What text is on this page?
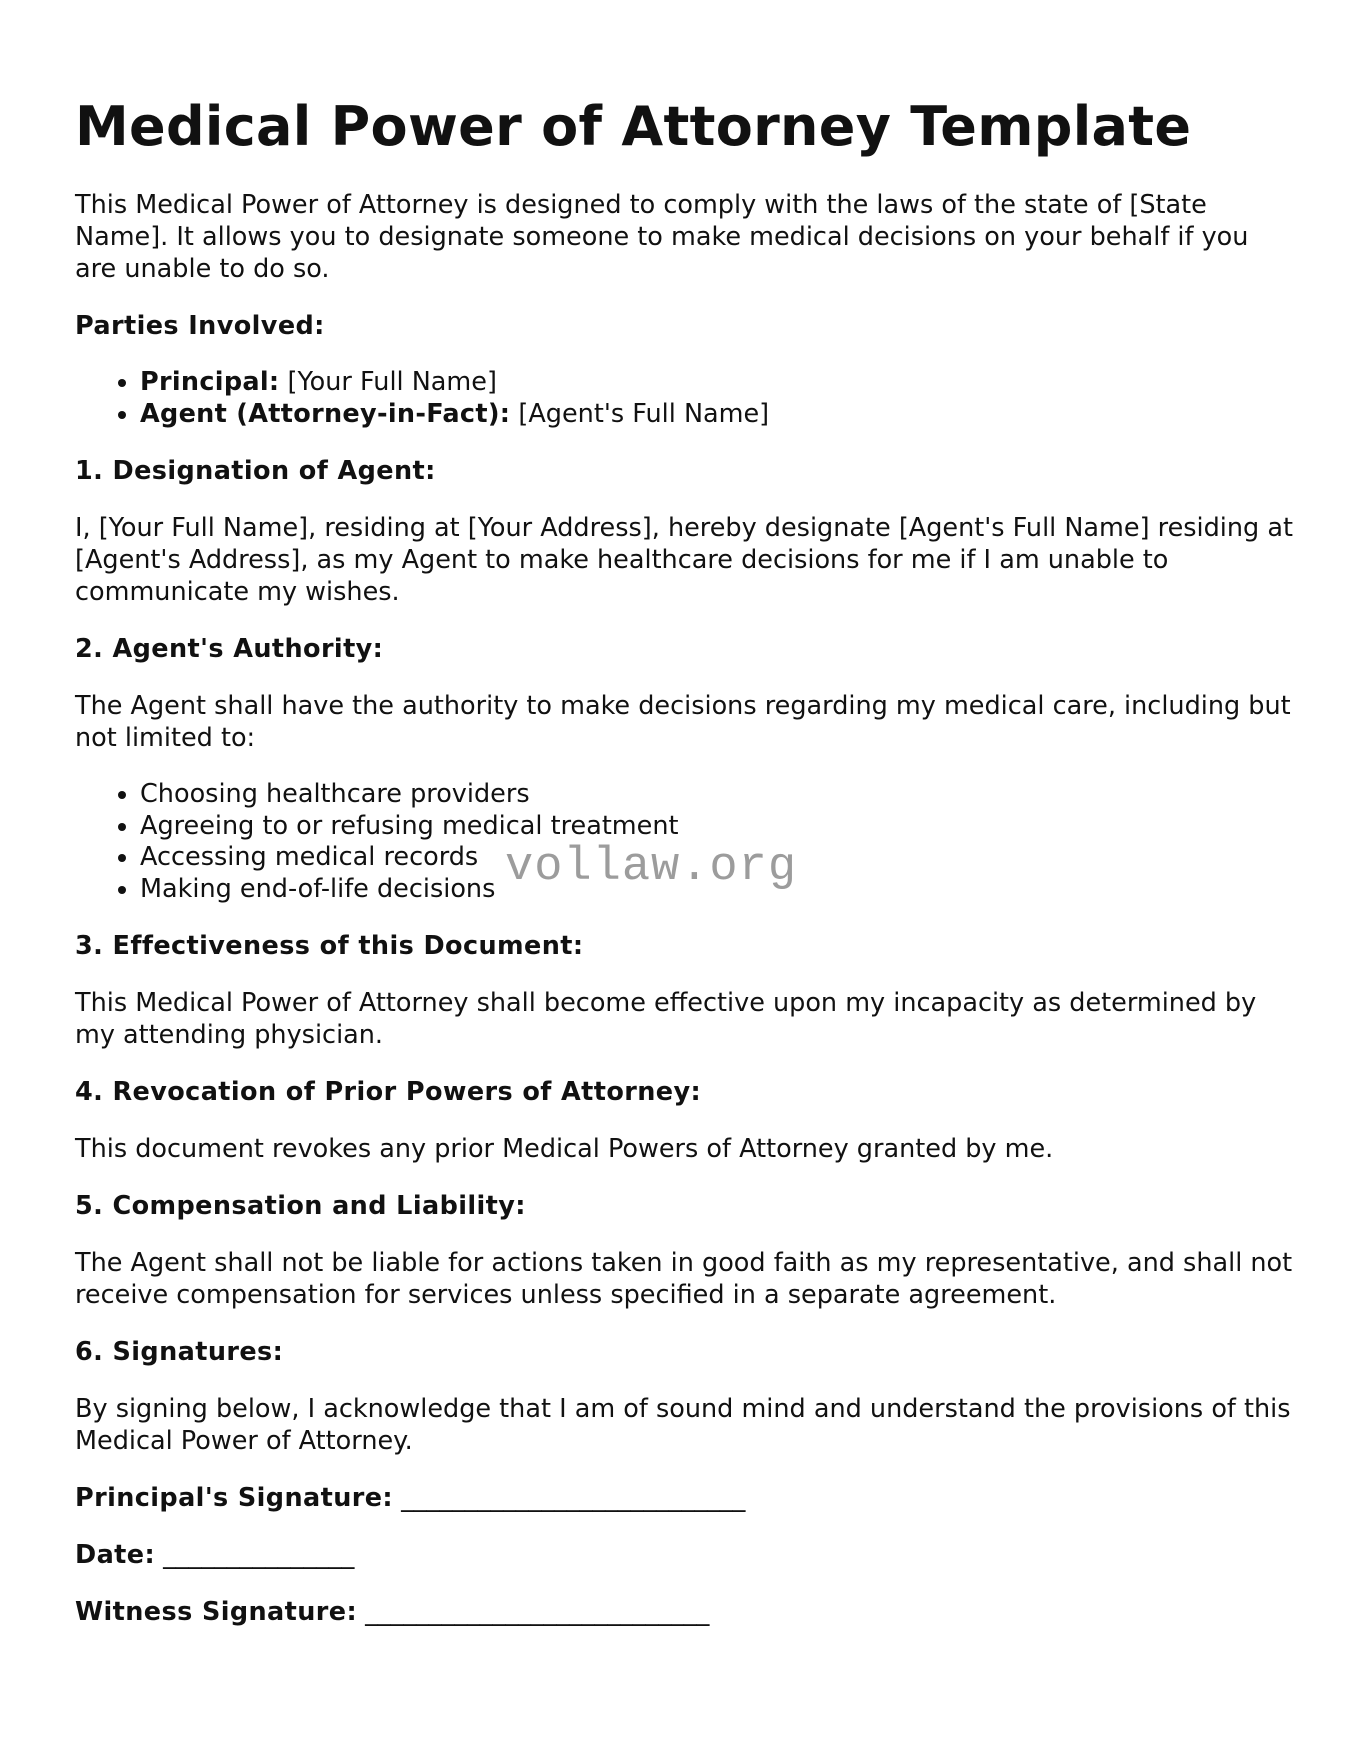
Medical Power of Attorney Template

This Medical Power of Attorney is designed to comply with the laws of the state of [State Name]. It allows you to designate someone to make medical decisions on your behalf if you are unable to do so.

Parties Involved:
• Principal: [Your Full Name]
• Agent (Attorney-in-Fact): [Agent's Full Name]
1. Designation of Agent:

I, [Your Full Name], residing at [Your Address], hereby designate [Agent's Full Name] residing at [Agent's Address], as my Agent to make healthcare decisions for me if I am unable to communicate my wishes.

2. Agent's Authority:

The Agent shall have the authority to make decisions regarding my medical care, including but not limited to:

• Choosing healthcare providers
• Agreeing to or refusing medical treatment
• Accessing medical records
• Making end-of-life decisions
3. Effectiveness of this Document:

This Medical Power of Attorney shall become effective upon my incapacity as determined by my attending physician.

4. Revocation of Prior Powers of Attorney:

This document revokes any prior Medical Powers of Attorney granted by me.

5. Compensation and Liability:

The Agent shall not be liable for actions taken in good faith as my representative, and shall not receive compensation for services unless specified in a separate agreement.

6. Signatures:

By signing below, I acknowledge that I am of sound mind and understand the provisions of this Medical Power of Attorney.

Principal's Signature: ___________________________
Date: _______________
Witness Signature: ___________________________
vollaw.org
